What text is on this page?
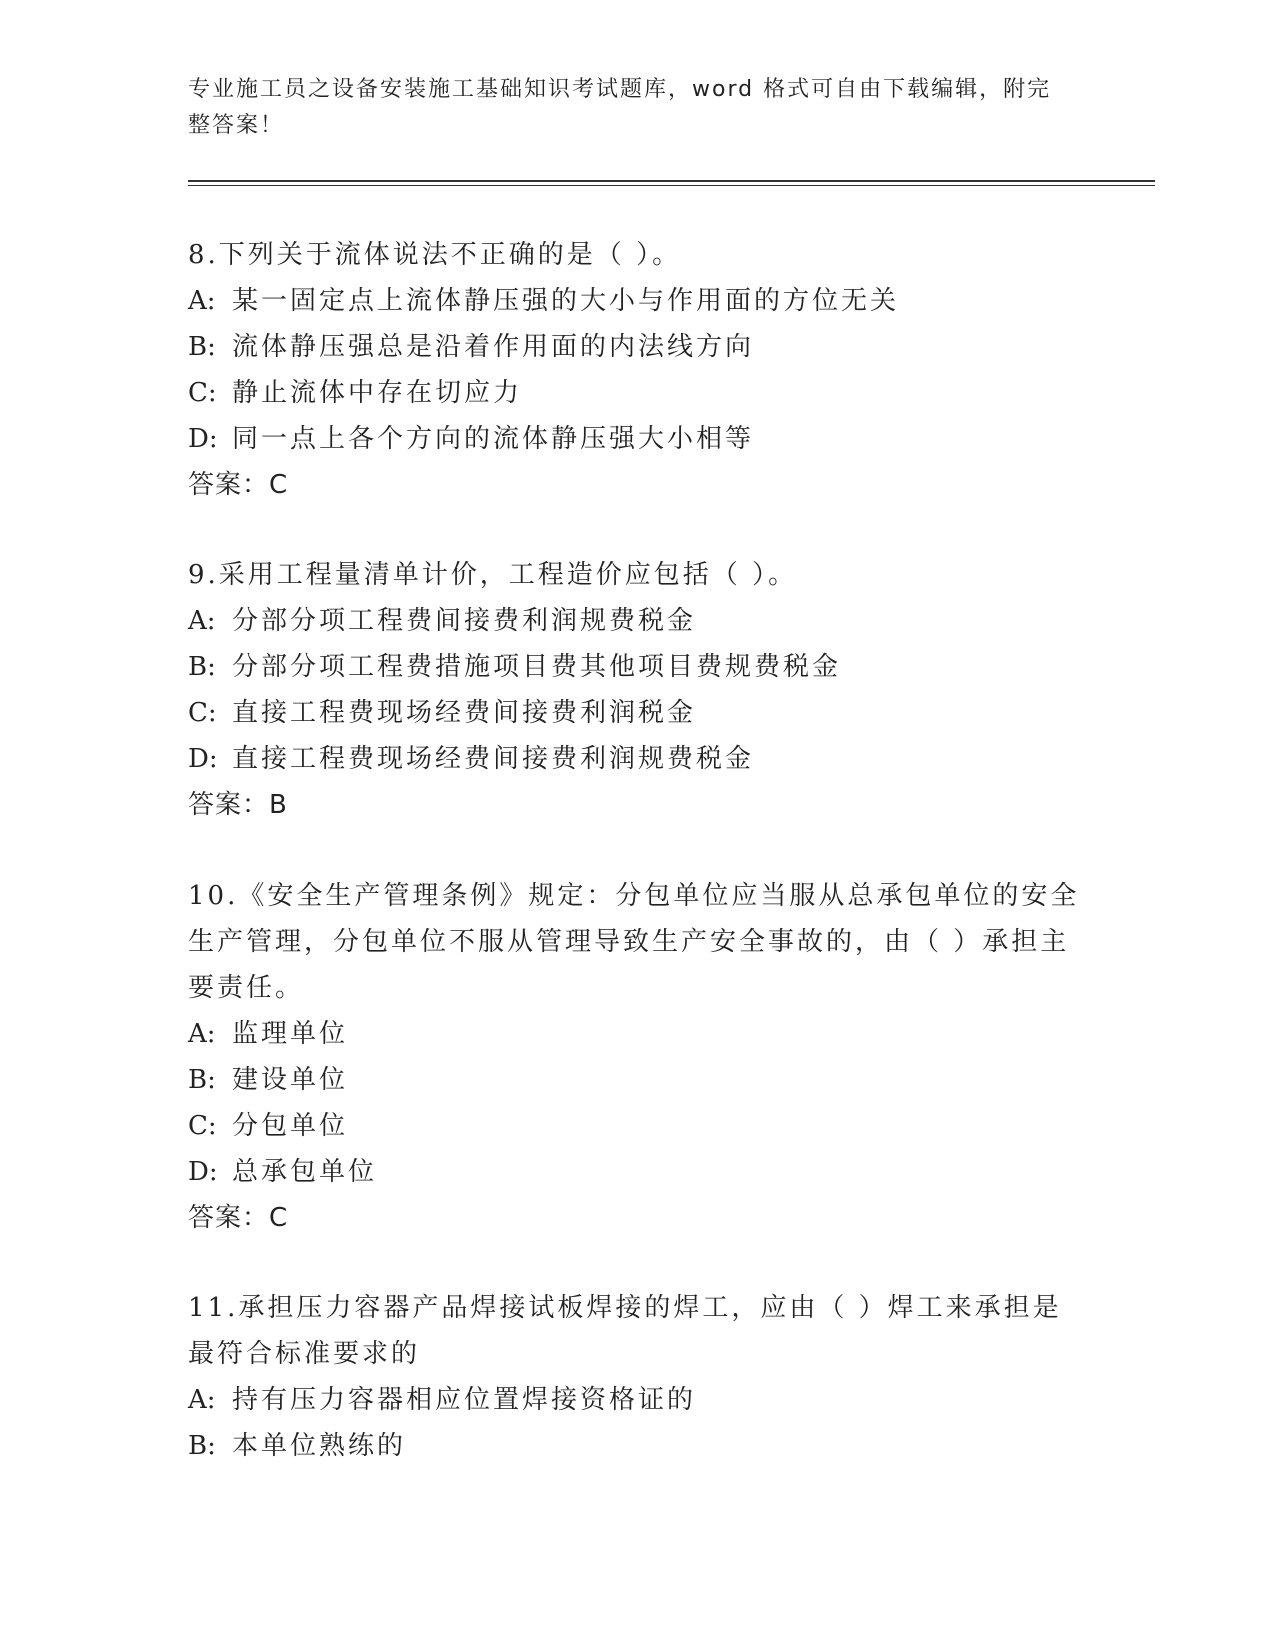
专业施工员之设备安装施工基础知识考试题库，word 格式可自由下载编辑，附完
整答案！

8.下列关于流体说法不正确的是（ ）。

A: 某一固定点上流体静压强的大小与作用面的方位无关

B: 流体静压强总是沿着作用面的内法线方向

C: 静止流体中存在切应力

D: 同一点上各个方向的流体静压强大小相等

答案：C

9.采用工程量清单计价，工程造价应包括（ ）。

A: 分部分项工程费间接费利润规费税金

B: 分部分项工程费措施项目费其他项目费规费税金

C: 直接工程费现场经费间接费利润税金

D: 直接工程费现场经费间接费利润规费税金

答案：B

10.《安全生产管理条例》规定：分包单位应当服从总承包单位的安全生产管理，分包单位不服从管理导致生产安全事故的，由（ ）承担主要责任。

A: 监理单位

B: 建设单位

C: 分包单位

D: 总承包单位

答案：C

11.承担压力容器产品焊接试板焊接的焊工，应由（ ）焊工来承担是最符合标准要求的

A: 持有压力容器相应位置焊接资格证的

B: 本单位熟练的
